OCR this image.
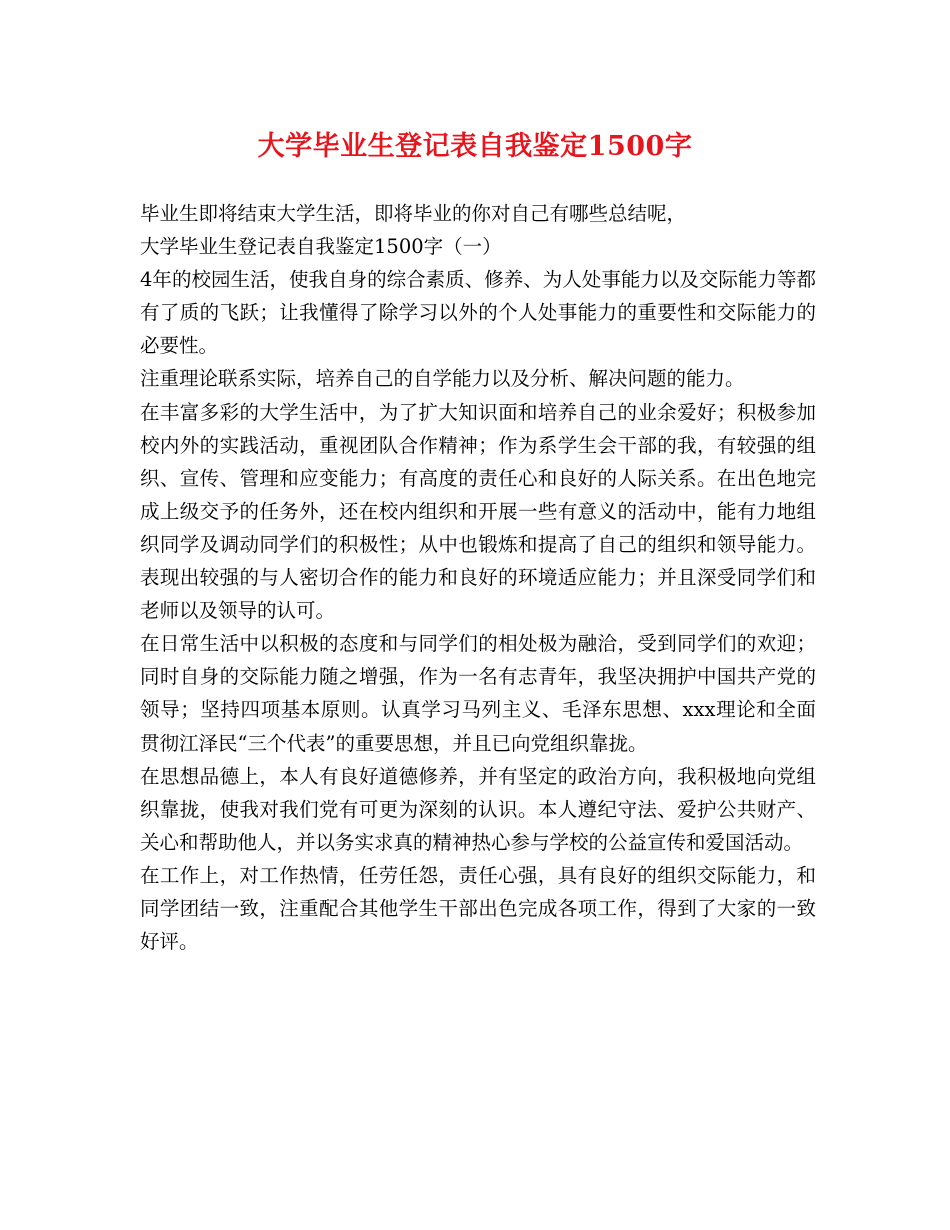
大学毕业生登记表自我鉴定1500字

毕业生即将结束大学生活，即将毕业的你对自己有哪些总结呢，

大学毕业生登记表自我鉴定1500字（一）

4年的校园生活，使我自身的综合素质、修养、为人处事能力以及交际能力等都有了质的飞跃；让我懂得了除学习以外的个人处事能力的重要性和交际能力的必要性。

注重理论联系实际，培养自己的自学能力以及分析、解决问题的能力。

在丰富多彩的大学生活中，为了扩大知识面和培养自己的业余爱好；积极参加校内外的实践活动，重视团队合作精神；作为系学生会干部的我，有较强的组织、宣传、管理和应变能力；有高度的责任心和良好的人际关系。在出色地完成上级交予的任务外，还在校内组织和开展一些有意义的活动中，能有力地组织同学及调动同学们的积极性；从中也锻炼和提高了自己的组织和领导能力。表现出较强的与人密切合作的能力和良好的环境适应能力；并且深受同学们和老师以及领导的认可。

在日常生活中以积极的态度和与同学们的相处极为融洽，受到同学们的欢迎；同时自身的交际能力随之增强，作为一名有志青年，我坚决拥护中国共产党的领导；坚持四项基本原则。认真学习马列主义、毛泽东思想、xxx理论和全面贯彻江泽民“三个代表”的重要思想，并且已向党组织靠拢。

在思想品德上，本人有良好道德修养，并有坚定的政治方向，我积极地向党组织靠拢，使我对我们党有可更为深刻的认识。本人遵纪守法、爱护公共财产、关心和帮助他人，并以务实求真的精神热心参与学校的公益宣传和爱国活动。

在工作上，对工作热情，任劳任怨，责任心强，具有良好的组织交际能力，和同学团结一致，注重配合其他学生干部出色完成各项工作，得到了大家的一致好评。
